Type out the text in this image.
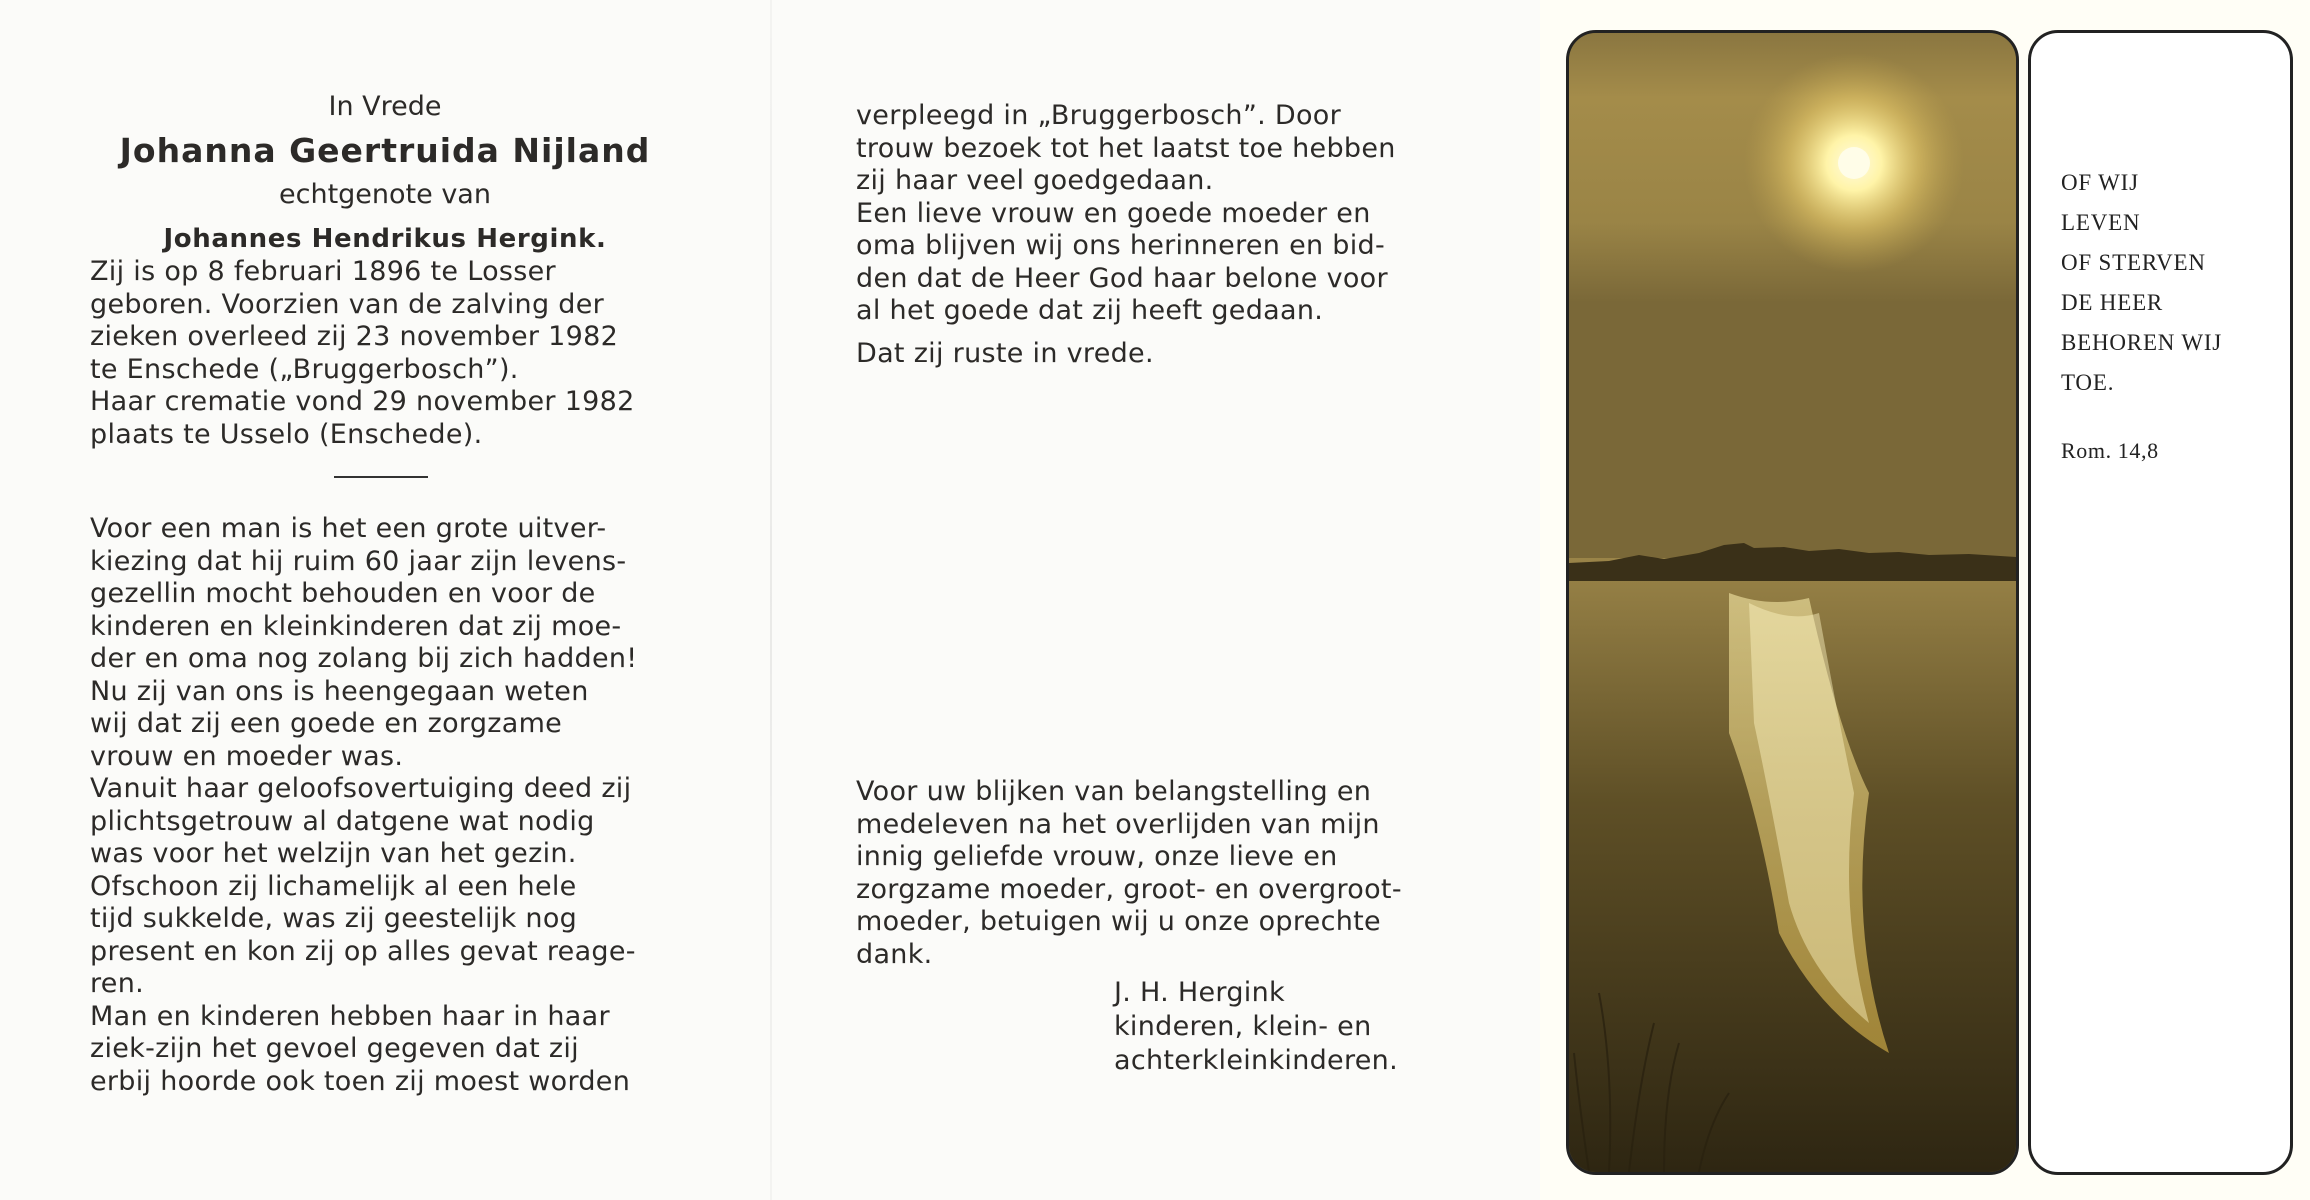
In Vrede
Johanna Geertruida Nijland
echtgenote van
Johannes Hendrikus Hergink.

Zij is op 8 februari 1896 te Losser

geboren. Voorzien van de zalving der

zieken overleed zij 23 november 1982

te Enschede („Bruggerbosch”).

Haar crematie vond 29 november 1982

plaats te Usselo (Enschede).

Voor een man is het een grote uitver-

kiezing dat hij ruim 60 jaar zijn levens-

gezellin mocht behouden en voor de

kinderen en kleinkinderen dat zij moe-

der en oma nog zolang bij zich hadden!

Nu zij van ons is heengegaan weten

wij dat zij een goede en zorgzame

vrouw en moeder was.

Vanuit haar geloofsovertuiging deed zij

plichtsgetrouw al datgene wat nodig

was voor het welzijn van het gezin.

Ofschoon zij lichamelijk al een hele

tijd sukkelde, was zij geestelijk nog

present en kon zij op alles gevat reage-

ren.

Man en kinderen hebben haar in haar

ziek-zijn het gevoel gegeven dat zij

erbij hoorde ook toen zij moest worden

verpleegd in „Bruggerbosch”. Door

trouw bezoek tot het laatst toe hebben

zij haar veel goedgedaan.

Een lieve vrouw en goede moeder en

oma blijven wij ons herinneren en bid-

den dat de Heer God haar belone voor

al het goede dat zij heeft gedaan.

Dat zij ruste in vrede.

Voor uw blijken van belangstelling en

medeleven na het overlijden van mijn

innig geliefde vrouw, onze lieve en

zorgzame moeder, groot- en overgroot-

moeder, betuigen wij u onze oprechte

dank.

J. H. Hergink
kinderen, klein- en
achterkleinkinderen.
OF WIJ
LEVEN
OF STERVEN
DE HEER
BEHOREN WIJ
TOE.
Rom. 14,8
